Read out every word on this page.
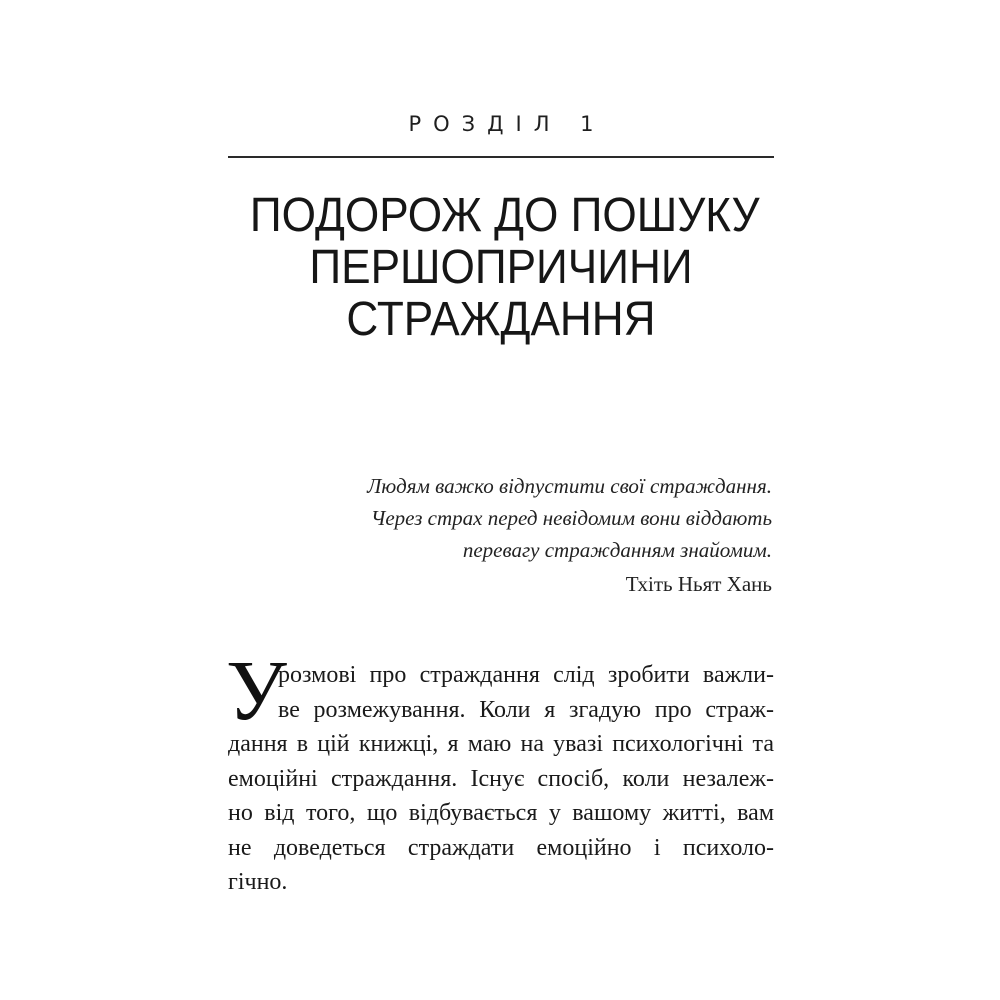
РОЗДІЛ 1
ПОДОРОЖ ДО ПОШУКУ
ПЕРШОПРИЧИНИ
СТРАЖДАННЯ
Людям важко відпустити свої страждання.
Через страх перед невідомим вони віддають
перевагу стражданням знайомим.
Тхіть Ньят Хань
У
розмові про страждання слід зробити важли-
ве розмежування. Коли я згадую про страж-
дання в цій книжці, я маю на увазі психологічні та
емоційні страждання. Існує спосіб, коли незалеж-
но від того, що відбувається у вашому житті, вам
не доведеться страждати емоційно і психоло-
гічно.
